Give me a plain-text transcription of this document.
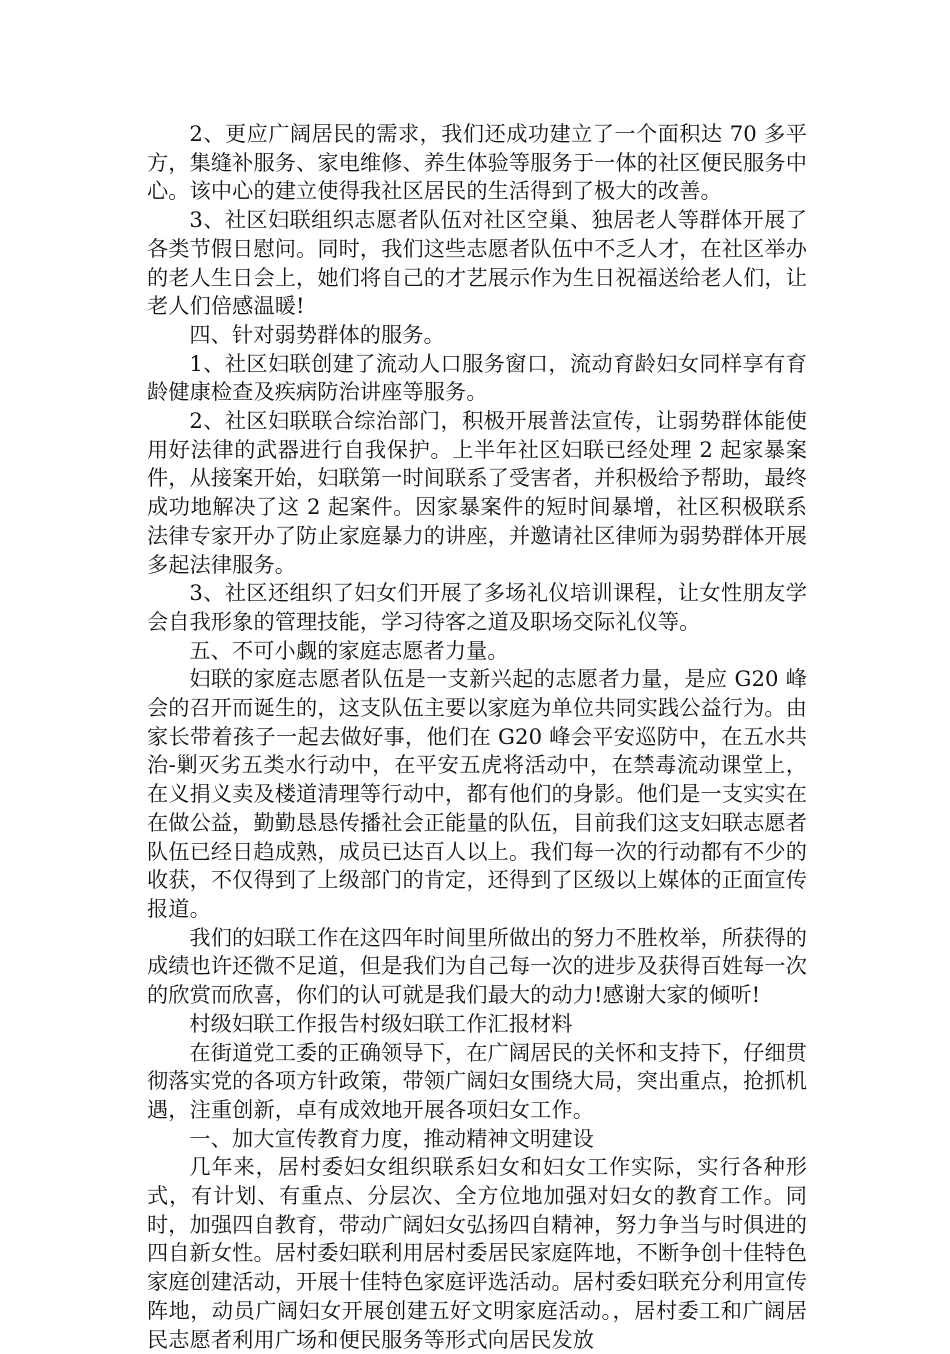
2、更应广阔居民的需求，我们还成功建立了一个面积达 70 多平方，集缝补服务、家电维修、养生体验等服务于一体的社区便民服务中心。该中心的建立使得我社区居民的生活得到了极大的改善。

3、社区妇联组织志愿者队伍对社区空巢、独居老人等群体开展了各类节假日慰问。同时，我们这些志愿者队伍中不乏人才，在社区举办的老人生日会上，她们将自己的才艺展示作为生日祝福送给老人们，让老人们倍感温暖!

四、针对弱势群体的服务。

1、社区妇联创建了流动人口服务窗口，流动育龄妇女同样享有育龄健康检查及疾病防治讲座等服务。

2、社区妇联联合综治部门，积极开展普法宣传，让弱势群体能使用好法律的武器进行自我保护。上半年社区妇联已经处理 2 起家暴案件，从接案开始，妇联第一时间联系了受害者，并积极给予帮助，最终成功地解决了这 2 起案件。因家暴案件的短时间暴增，社区积极联系法律专家开办了防止家庭暴力的讲座，并邀请社区律师为弱势群体开展多起法律服务。

3、社区还组织了妇女们开展了多场礼仪培训课程，让女性朋友学会自我形象的管理技能，学习待客之道及职场交际礼仪等。

五、不可小觑的家庭志愿者力量。

妇联的家庭志愿者队伍是一支新兴起的志愿者力量，是应 G20 峰会的召开而诞生的，这支队伍主要以家庭为单位共同实践公益行为。由家长带着孩子一起去做好事，他们在 G20 峰会平安巡防中，在五水共治-剿灭劣五类水行动中，在平安五虎将活动中，在禁毒流动课堂上，在义捐义卖及楼道清理等行动中，都有他们的身影。他们是一支实实在在做公益，勤勤恳恳传播社会正能量的队伍，目前我们这支妇联志愿者队伍已经日趋成熟，成员已达百人以上。我们每一次的行动都有不少的收获，不仅得到了上级部门的肯定，还得到了区级以上媒体的正面宣传报道。

我们的妇联工作在这四年时间里所做出的努力不胜枚举，所获得的成绩也许还微不足道，但是我们为自己每一次的进步及获得百姓每一次的欣赏而欣喜，你们的认可就是我们最大的动力!感谢大家的倾听!

村级妇联工作报告村级妇联工作汇报材料

在街道党工委的正确领导下，在广阔居民的关怀和支持下，仔细贯彻落实党的各项方针政策，带领广阔妇女围绕大局，突出重点，抢抓机遇，注重创新，卓有成效地开展各项妇女工作。

一、加大宣传教育力度，推动精神文明建设

几年来，居村委妇女组织联系妇女和妇女工作实际，实行各种形式，有计划、有重点、分层次、全方位地加强对妇女的教育工作。同时，加强四自教育，带动广阔妇女弘扬四自精神，努力争当与时俱进的四自新女性。居村委妇联利用居村委居民家庭阵地，不断争创十佳特色家庭创建活动，开展十佳特色家庭评选活动。居村委妇联充分利用宣传阵地，动员广阔妇女开展创建五好文明家庭活动。，居村委工和广阔居民志愿者利用广场和便民服务等形式向居民发放
